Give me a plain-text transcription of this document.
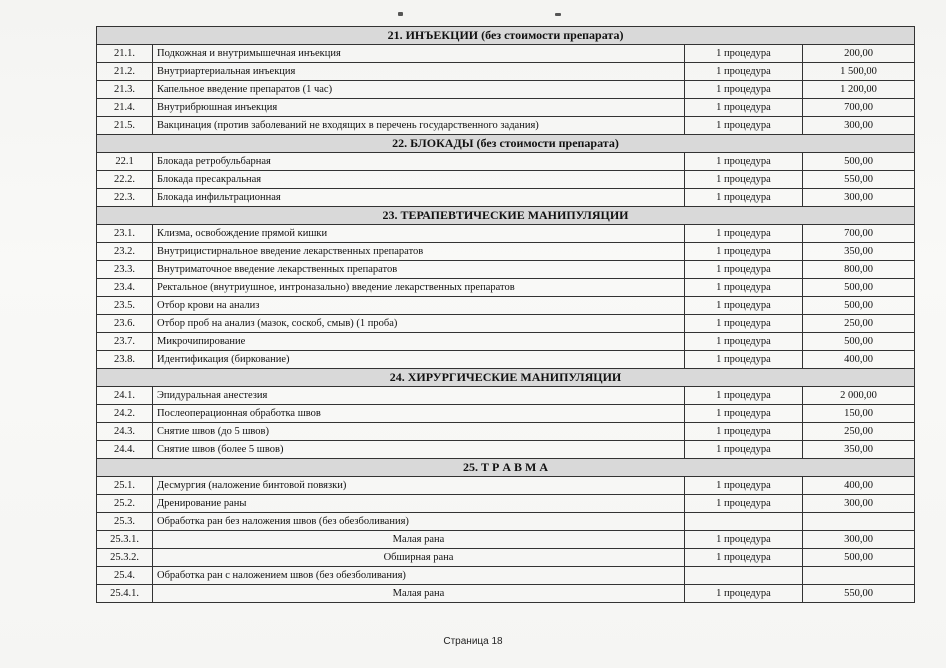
21. ИНЪЕКЦИИ (без стоимости препарата)			
21.1.	Подкожная и внутримышечная инъекция	1 процедура	200,00
21.2.	Внутриартериальная инъекция	1 процедура	1 500,00
21.3.	Капельное введение препаратов (1 час)	1 процедура	1 200,00
21.4.	Внутрибрюшная инъекция	1 процедура	700,00
21.5.	Вакцинация (против заболеваний не входящих в перечень государственного задания)	1 процедура	300,00
22. БЛОКАДЫ (без стоимости препарата)			
22.1	Блокада ретробульбарная	1 процедура	500,00
22.2.	Блокада пресакральная	1 процедура	550,00
22.3.	Блокада инфильтрационная	1 процедура	300,00
23. ТЕРАПЕВТИЧЕСКИЕ МАНИПУЛЯЦИИ			
23.1.	Клизма, освобождение прямой кишки	1 процедура	700,00
23.2.	Внутрицистирнальное введение лекарственных препаратов	1 процедура	350,00
23.3.	Внутриматочное введение лекарственных препаратов	1 процедура	800,00
23.4.	Ректальное (внутриушное, интроназально) введение лекарственных препаратов	1 процедура	500,00
23.5.	Отбор крови на анализ	1 процедура	500,00
23.6.	Отбор проб на анализ (мазок, соскоб, смыв) (1 проба)	1 процедура	250,00
23.7.	Микрочипирование	1 процедура	500,00
23.8.	Идентификация (биркование)	1 процедура	400,00
24. ХИРУРГИЧЕСКИЕ МАНИПУЛЯЦИИ			
24.1.	Эпидуральная анестезия	1 процедура	2 000,00
24.2.	Послеоперационная обработка швов	1 процедура	150,00
24.3.	Снятие швов (до 5 швов)	1 процедура	250,00
24.4.	Снятие швов (более 5 швов)	1 процедура	350,00
25. Т Р А В М А			
25.1.	Десмургия (наложение бинтовой повязки)	1 процедура	400,00
25.2.	Дренирование раны	1 процедура	300,00
25.3.	Обработка ран без наложения швов (без обезболивания)		
25.3.1.	Малая рана	1 процедура	300,00
25.3.2.	Обширная рана	1 процедура	500,00
25.4.	Обработка ран с наложением швов (без обезболивания)		
25.4.1.	Малая рана	1 процедура	550,00
Страница 18
